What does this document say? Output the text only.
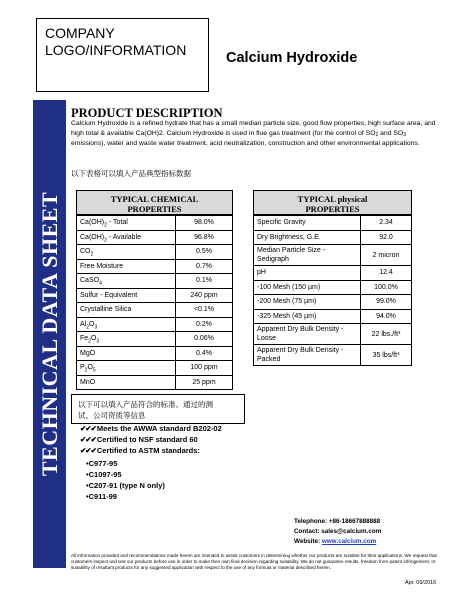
COMPANY
LOGO/INFORMATION	Calcium Hydroxide
TECHNICAL DATA SHEET
PRODUCT DESCRIPTION
Calcium Hydroxide is a refined hydrate that has a small median particle size, good flow properties, high surface area, and high total & available Ca(OH)2. Calcium Hydroxide is used in flue gas treatment (for the control of $SO_2$ and $SO_3$ emissions), water and waste water treatment, acid neutralization, construction and other environmental applications.
以下表格可以填入产品典型指标数据
TYPICAL CHEMICAL
PROPERTIES
$Ca(OH)_2$ - Total	98.0%
$Ca(OH)_2$ - Available	96.8%
$CO_2$	0.5%
Free Moisture	0.7%
CaSO$_4$	0.1%
Sulfur - Equivalent	240 ppm
Crystalline Silica	<0.1%
$Al_2O_3$	0.2%
$Fe_2O_3$	0.06%
MgO	0.4%
$P_2O_5$	100 ppm
MnO	25 ppm
TYPICAL physical
PROPERTIES
Specific Gravity	2.34
Dry Brightness, G.E.	92.0
Median Particle Size - Sedigraph	2 micron
pH	12.4
-100 Mesh (150 µm)	100.0%
-200 Mesh (75 µm)	99.0%
-325 Mesh (45 µm)	94.0%
Apparent Dry Bulk Density - Loose	22 lbs./ft³
Apparent Dry Bulk Density - Packed	35 lbs/ft³
以下可以填入产品符合的标准、通过的测
试、公司资质等信息
✔✔✔Meets the AWWA standard B202-02
✔✔✔Certified to NSF standard 60
✔✔✔Certified to ASTM standards:
•C977-95
•C1097-95
•C207-91 (type N only)
•C911-99
Telephone: +86-18667888888
Contact: sales@calcium.com
Website: www.calcium.com
All information provided and recommendations made herein are intended to assist customers in determining whether our products are suitable for their applications. We request that customers inspect and test our products before use in order to make their own final decision regarding suitability. We do not guarantee results, freedom from patent infringement, or suitability of resultant products for any suggested application with respect to the use of any formula or material described herein.
Apr. 09/2016
